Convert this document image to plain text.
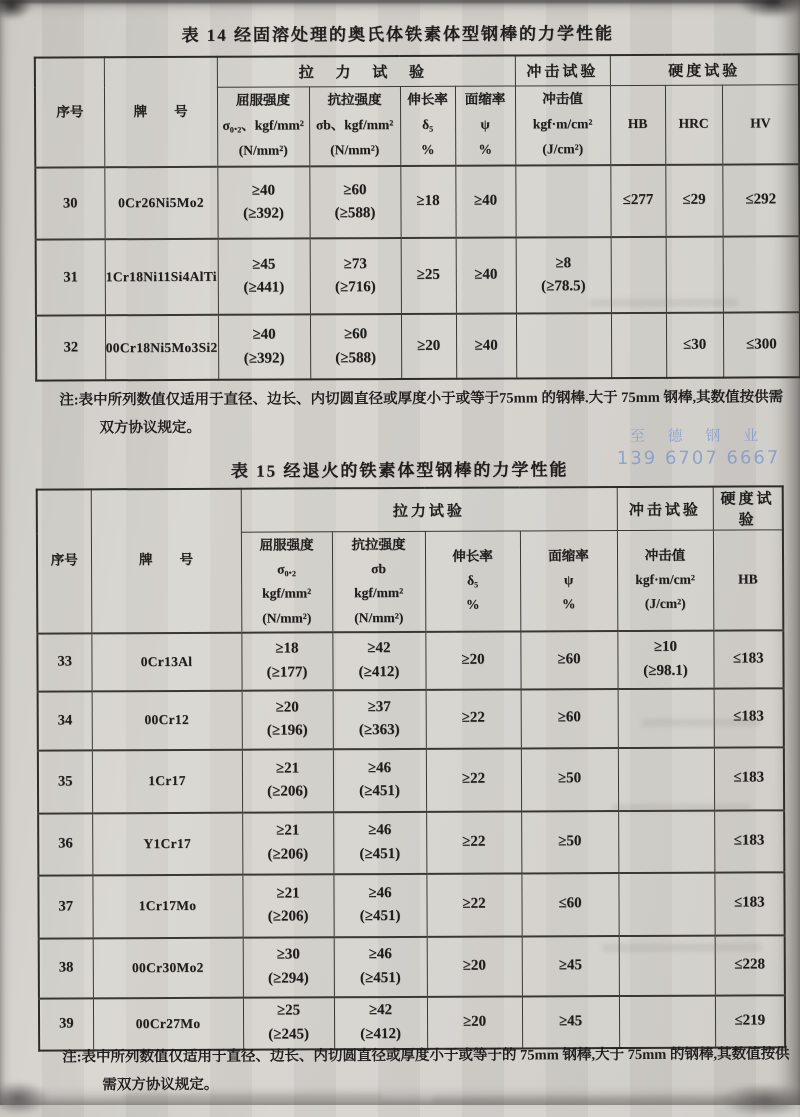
表 14 经固溶处理的奥氏体铁素体型钢棒的力学性能
序号	牌　　号	拉 力 试 验				冲击试验	硬度试验		
		屈服强度
σ₀.₂、kgf/mm²
(N/mm²)	抗拉强度
σb、kgf/mm²
(N/mm²)	伸长率
δ₅
%	面缩率
ψ
%	冲击值
kgf·m/cm²
(J/cm²)	HB	HRC	HV
30	0Cr26Ni5Mo2	≥40
(≥392)	≥60
(≥588)	≥18	≥40		≤277	≤29	≤292
31	1Cr18Ni11Si4AlTi	≥45
(≥441)	≥73
(≥716)	≥25	≥40	≥8
(≥78.5)			
32	00Cr18Ni5Mo3Si2	≥40
(≥392)	≥60
(≥588)	≥20	≥40			≤30	≤300
注:表中所列数值仅适用于直径、边长、内切圆直径或厚度小于或等于75mm 的钢棒.大于 75mm 钢棒,其数值按供需
双方协议规定。	至 德 钢 业
139 6707 6667
表 15 经退火的铁素体型钢棒的力学性能
序号	牌　　号	拉力试验				冲击试验	硬度试验
		屈服强度
σ₀.₂
kgf/mm²
(N/mm²)	抗拉强度
σb
kgf/mm²
(N/mm²)	伸长率
δ₅
%	面缩率
ψ
%	冲击值
kgf·m/cm²
(J/cm²)	HB
33	0Cr13Al	≥18
(≥177)	≥42
(≥412)	≥20	≥60	≥10
(≥98.1)	≤183
34	00Cr12	≥20
(≥196)	≥37
(≥363)	≥22	≥60		≤183
35	1Cr17	≥21
(≥206)	≥46
(≥451)	≥22	≥50		≤183
36	Y1Cr17	≥21
(≥206)	≥46
(≥451)	≥22	≥50		≤183
37	1Cr17Mo	≥21
(≥206)	≥46
(≥451)	≥22	≤60		≤183
38	00Cr30Mo2	≥30
(≥294)	≥46
(≥451)	≥20	≥45		≤228
39	00Cr27Mo	≥25
(≥245)	≥42
(≥412)	≥20	≥45		≤219
注:表中所列数值仅适用于直径、边长、内切圆直径或厚度小于或等于的 75mm 钢棒,大于 75mm 的钢棒,其数值按供
需双方协议规定。
